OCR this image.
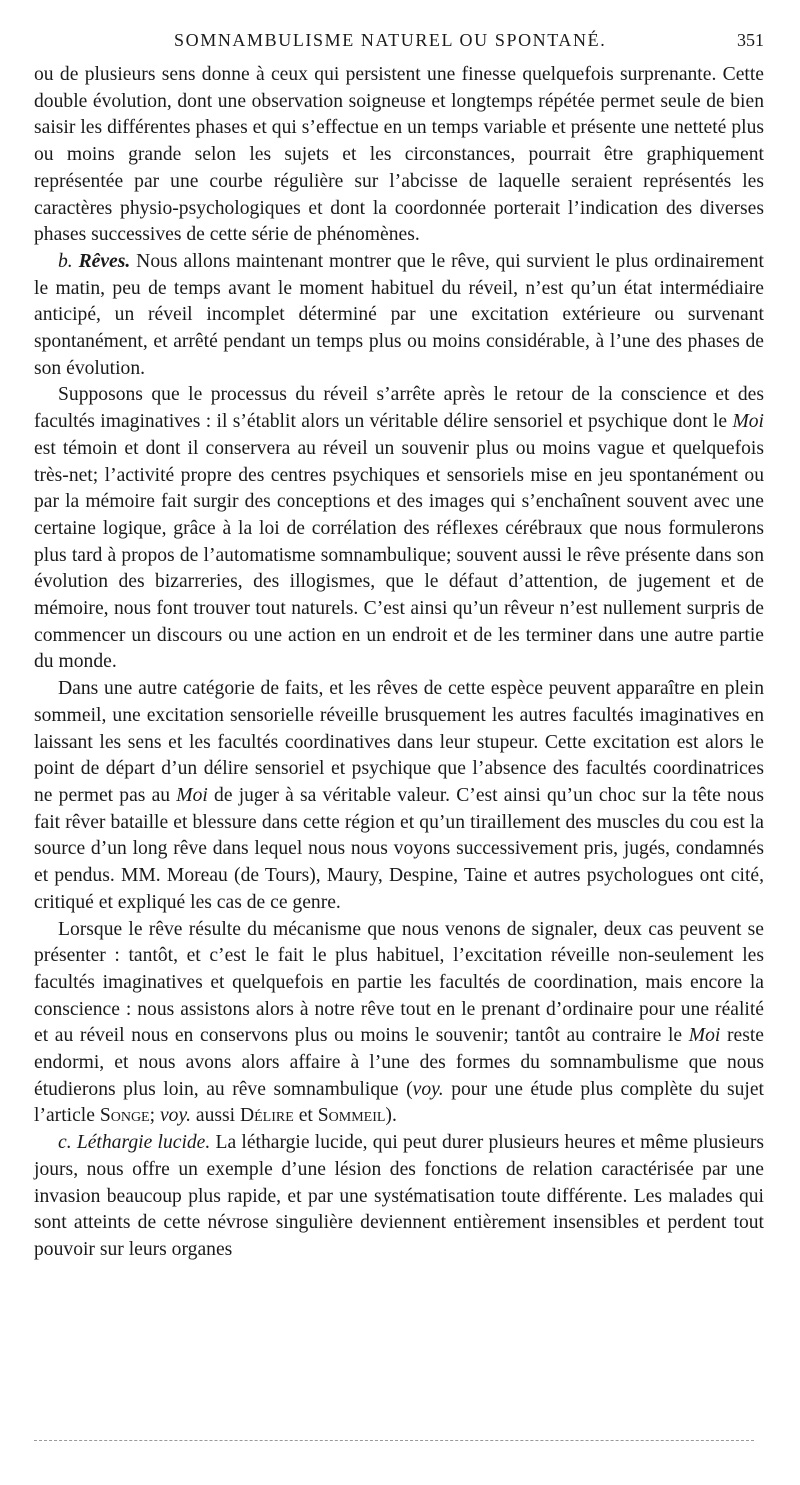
SOMNAMBULISME NATUREL OU SPONTANÉ.	351

ou de plusieurs sens donne à ceux qui persistent une finesse quelquefois surprenante. Cette double évolution, dont une observation soigneuse et longtemps répétée permet seule de bien saisir les différentes phases et qui s’effectue en un temps variable et présente une netteté plus ou moins grande selon les sujets et les circonstances, pourrait être graphiquement représentée par une courbe régulière sur l’abcisse de laquelle seraient représentés les caractères physio-psychologiques et dont la coordonnée porterait l’indication des diverses phases successives de cette série de phénomènes.

b. Rêves. Nous allons maintenant montrer que le rêve, qui survient le plus ordinairement le matin, peu de temps avant le moment habituel du réveil, n’est qu’un état intermédiaire anticipé, un réveil incomplet déterminé par une excitation extérieure ou survenant spontanément, et arrêté pendant un temps plus ou moins considérable, à l’une des phases de son évolution.

Supposons que le processus du réveil s’arrête après le retour de la conscience et des facultés imaginatives : il s’établit alors un véritable délire sensoriel et psychique dont le Moi est témoin et dont il conservera au réveil un souvenir plus ou moins vague et quelquefois très-net; l’activité propre des centres psychiques et sensoriels mise en jeu spontanément ou par la mémoire fait surgir des conceptions et des images qui s’enchaînent souvent avec une certaine logique, grâce à la loi de corrélation des réflexes cérébraux que nous formulerons plus tard à propos de l’automatisme somnambulique; souvent aussi le rêve présente dans son évolution des bizarreries, des illogismes, que le défaut d’attention, de jugement et de mémoire, nous font trouver tout naturels. C’est ainsi qu’un rêveur n’est nullement surpris de commencer un discours ou une action en un endroit et de les terminer dans une autre partie du monde.

Dans une autre catégorie de faits, et les rêves de cette espèce peuvent apparaître en plein sommeil, une excitation sensorielle réveille brusquement les autres facultés imaginatives en laissant les sens et les facultés coordinatives dans leur stupeur. Cette excitation est alors le point de départ d’un délire sensoriel et psychique que l’absence des facultés coordinatrices ne permet pas au Moi de juger à sa véritable valeur. C’est ainsi qu’un choc sur la tête nous fait rêver bataille et blessure dans cette région et qu’un tiraillement des muscles du cou est la source d’un long rêve dans lequel nous nous voyons successivement pris, jugés, condamnés et pendus. MM. Moreau (de Tours), Maury, Despine, Taine et autres psychologues ont cité, critiqué et expliqué les cas de ce genre.

Lorsque le rêve résulte du mécanisme que nous venons de signaler, deux cas peuvent se présenter : tantôt, et c’est le fait le plus habituel, l’excitation réveille non-seulement les facultés imaginatives et quelquefois en partie les facultés de coordination, mais encore la conscience : nous assistons alors à notre rêve tout en le prenant d’ordinaire pour une réalité et au réveil nous en conservons plus ou moins le souvenir; tantôt au contraire le Moi reste endormi, et nous avons alors affaire à l’une des formes du somnambulisme que nous étudierons plus loin, au rêve somnambulique (voy. pour une étude plus complète du sujet l’article Songe; voy. aussi Délire et Sommeil).

c. Léthargie lucide. La léthargie lucide, qui peut durer plusieurs heures et même plusieurs jours, nous offre un exemple d’une lésion des fonctions de relation caractérisée par une invasion beaucoup plus rapide, et par une systématisation toute différente. Les malades qui sont atteints de cette névrose singulière deviennent entièrement insensibles et perdent tout pouvoir sur leurs organes
